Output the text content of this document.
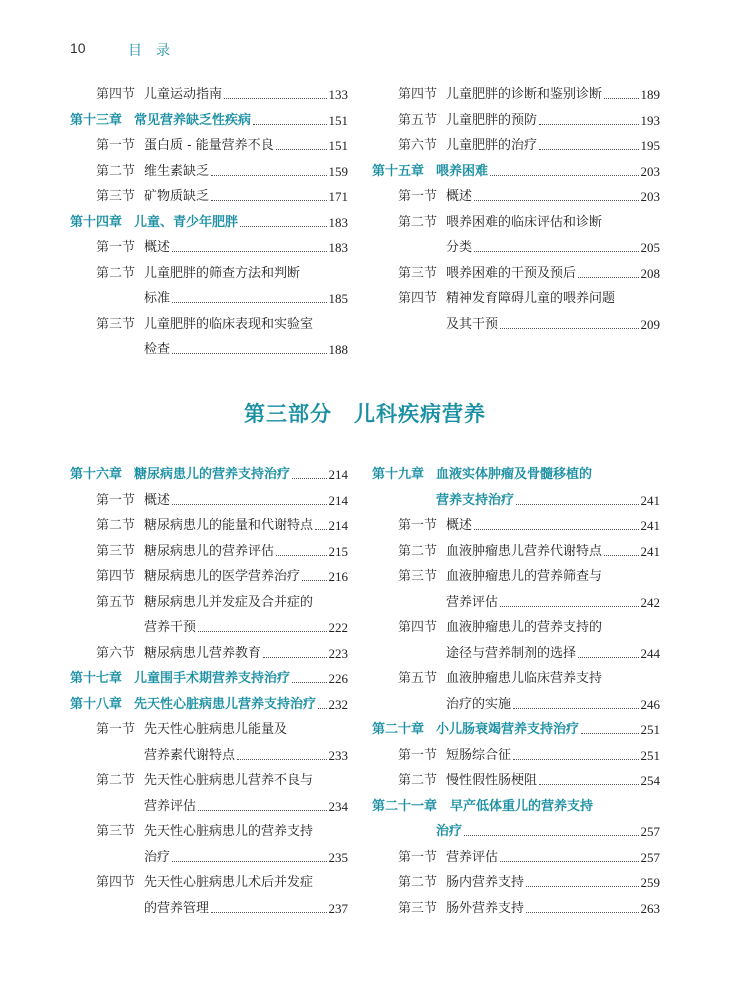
10	目录
第四节 儿童运动指南	133
第十三章 常见营养缺乏性疾病	151
第一节 蛋白质 - 能量营养不良	151
第二节 维生素缺乏	159
第三节 矿物质缺乏	171
第十四章 儿童、青少年肥胖	183
第一节 概述	183
第二节 儿童肥胖的筛查方法和判断
标准	185
第三节 儿童肥胖的临床表现和实验室
检查	188
第四节 儿童肥胖的诊断和鉴别诊断	189
第五节 儿童肥胖的预防	193
第六节 儿童肥胖的治疗	195
第十五章 喂养困难	203
第一节 概述	203
第二节 喂养困难的临床评估和诊断
分类	205
第三节 喂养困难的干预及预后	208
第四节 精神发育障碍儿童的喂养问题
及其干预	209
第三部分　儿科疾病营养
第十六章 糖尿病患儿的营养支持治疗	214
第一节 概述	214
第二节 糖尿病患儿的能量和代谢特点 214
第三节 糖尿病患儿的营养评估	215
第四节 糖尿病患儿的医学营养治疗 216
第五节 糖尿病患儿并发症及合并症的
营养干预	222
第六节 糖尿病患儿营养教育	223
第十七章 儿童围手术期营养支持治疗	226
第十八章 先天性心脏病患儿营养支持治疗 232
第一节 先天性心脏病患儿能量及
营养素代谢特点	233
第二节 先天性心脏病患儿营养不良与
营养评估	234
第三节 先天性心脏病患儿的营养支持
治疗	235
第四节 先天性心脏病患儿术后并发症
的营养管理	237
第十九章 血液实体肿瘤及骨髓移植的
营养支持治疗	241
第一节 概述	241
第二节 血液肿瘤患儿营养代谢特点	241
第三节 血液肿瘤患儿的营养筛查与
营养评估	242
第四节 血液肿瘤患儿的营养支持的
途径与营养制剂的选择	244
第五节 血液肿瘤患儿临床营养支持
治疗的实施	246
第二十章 小儿肠衰竭营养支持治疗	251
第一节 短肠综合征	251
第二节 慢性假性肠梗阻	254
第二十一章 早产低体重儿的营养支持
治疗	257
第一节 营养评估	257
第二节 肠内营养支持	259
第三节 肠外营养支持	263
